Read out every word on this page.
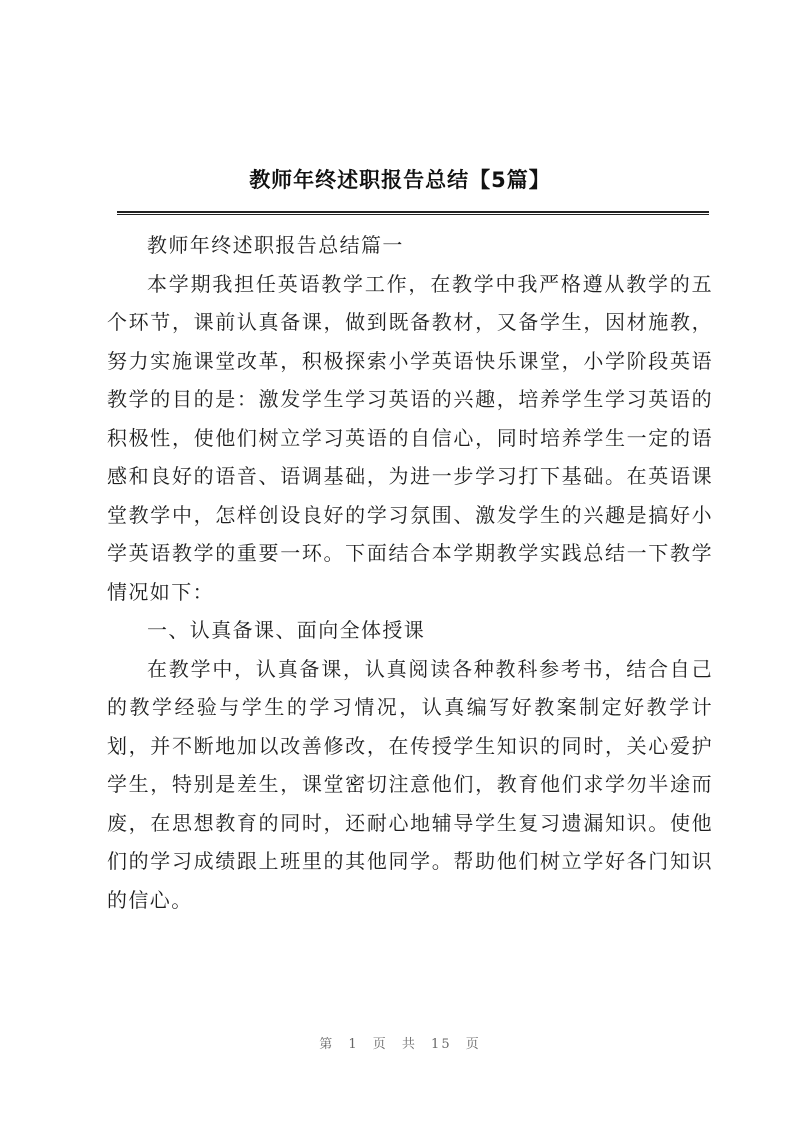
教师年终述职报告总结【5篇】

教师年终述职报告总结篇一

本学期我担任英语教学工作，在教学中我严格遵从教学的五个环节，课前认真备课，做到既备教材，又备学生，因材施教，努力实施课堂改革，积极探索小学英语快乐课堂，小学阶段英语教学的目的是：激发学生学习英语的兴趣，培养学生学习英语的积极性，使他们树立学习英语的自信心，同时培养学生一定的语感和良好的语音、语调基础，为进一步学习打下基础。在英语课堂教学中，怎样创设良好的学习氛围、激发学生的兴趣是搞好小学英语教学的重要一环。下面结合本学期教学实践总结一下教学情况如下：

一、认真备课、面向全体授课

在教学中，认真备课，认真阅读各种教科参考书，结合自己的教学经验与学生的学习情况，认真编写好教案制定好教学计划，并不断地加以改善修改，在传授学生知识的同时，关心爱护学生，特别是差生，课堂密切注意他们，教育他们求学勿半途而废，在思想教育的同时，还耐心地辅导学生复习遗漏知识。使他们的学习成绩跟上班里的其他同学。帮助他们树立学好各门知识的信心。

第 1 页 共 15 页
